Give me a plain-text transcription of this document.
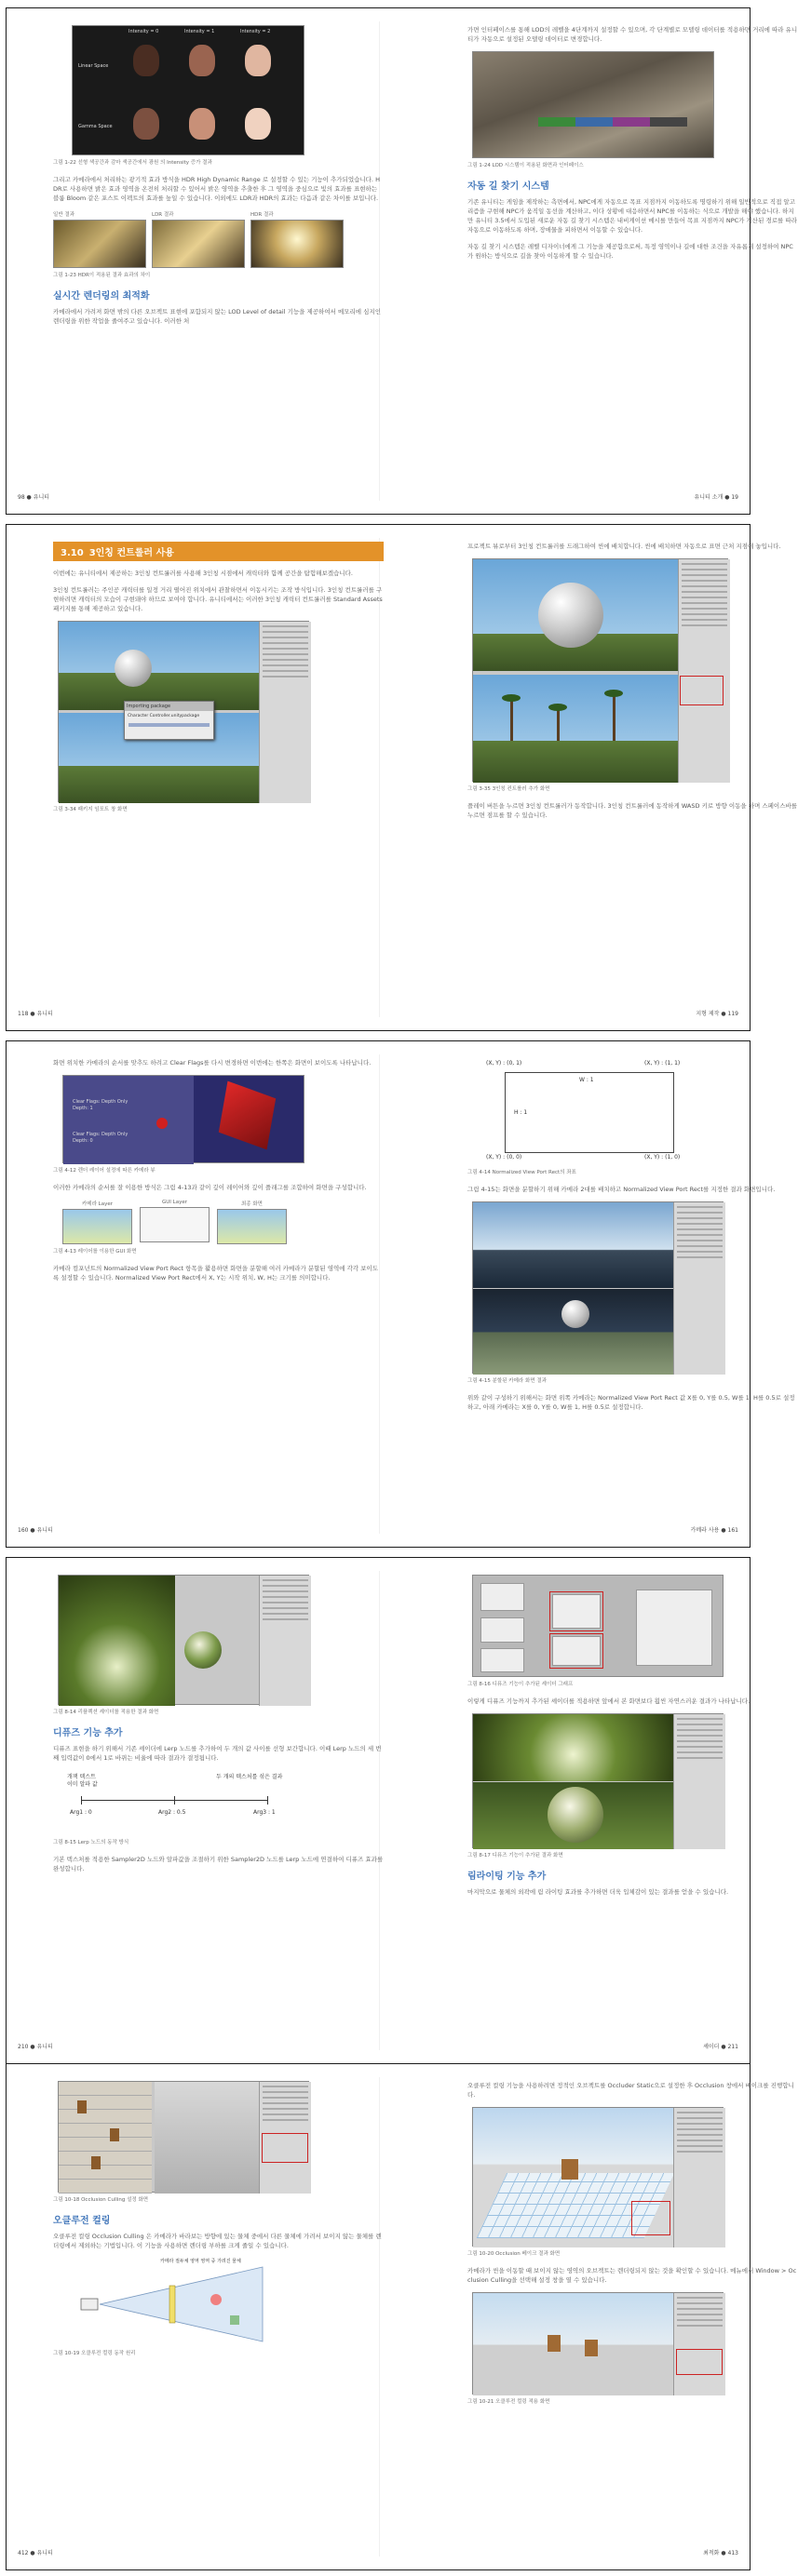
Intensity = 0	Intensity = 1	Intensity = 2
Linear Space
Gamma Space
그림 1-22 선형 색공간과 감마 색공간에서 광원 의 Intensity 증가 결과

그리고 카메라에서 처리하는 광기적 효과 방식을 HDR High Dynamic Range 로 설정할 수 있는 기능이 추가되었습니다. HDR로 사용하면 밝은 효과 영역을 온전히 처리할 수 있어서 밝은 영역을 추출한 후 그 영역을 중심으로 빛의 효과를 표현하는 블룸 Bloom 같은 포스트 이펙트의 효과를 높일 수 있습니다. 이외에도 LDR과 HDR의 효과는 다음과 같은 차이를 보입니다.

일반 결과	LDR 결과	HDR 결과
그림 1-23 HDR이 적용된 결과 효과의 차이
실시간 렌더링의 최적화

카메라에서 가려져 화면 밖의 다른 오브젝트 표현에 포함되지 않는 LOD Level of detail 기능을 제공하여서 메모리에 심지인 렌더링을 위한 작업을 줄여주고 있습니다. 이러한 처

98 ● 유니티

가면 인터페이스를 통해 LOD의 레벨을 4단계까지 설정할 수 있으며, 각 단계별로 모델링 데이터를 적용하면 거리에 따라 유니티가 자동으로 설정된 오델링 데이터로 변경합니다.

그림 1-24 LOD 시스템이 적용된 화면과 인터페이스
자동 길 찾기 시스템

기존 유니티는 게임을 제작하는 측면에서, NPC에게 자동으로 목표 지점까지 이동하도록 명령하기 위해 일반적으로 직접 알고리즘을 구현해 NPC가 움직일 동선을 계산하고, 이다 상황에 대응하면서 NPC를 이동하는 식으로 개발을 해야 했습니다. 하지만 유니티 3.5에서 도입된 새로운 자동 길 찾기 시스템은 내비게이션 메시를 만들어 목표 지점까지 NPC가 계산된 경로를 따라 자동으로 이동하도록 하며, 장애물을 피하면서 이동할 수 있습니다.

자동 길 찾기 시스템은 레벨 디자이너에게 그 기능을 제공함으로써, 특정 영역이나 길에 대한 조건을 자유롭게 설정하여 NPC가 원하는 방식으로 길을 찾아 이동하게 할 수 있습니다.

유니티 소개 ● 19
3.10 3인칭 컨트롤러 사용

이번에는 유니티에서 제공하는 3인칭 컨트롤러를 사용해 3인칭 시점에서 캐릭터와 함께 공간을 탐험해보겠습니다.

3인칭 컨트롤러는 주인공 캐릭터를 일정 거리 떨어진 위치에서 관찰하면서 이동시키는 조작 방식입니다. 3인칭 컨트롤러를 구현하려면 캐릭터의 모습이 구현돼야 하므로 보여야 합니다. 유니티에서는 이러한 3인칭 캐릭터 컨트롤러를 Standard Assets 패키지를 통해 제공하고 있습니다.

Importing package
Character Controller.unitypackage
그림 3-34 패키지 임포트 창 화면
118 ● 유니티

프로젝트 뷰로부터 3인칭 컨트롤러를 드래그하여 씬에 배치합니다. 씬에 배치하면 자동으로 표면 근처 지점에 놓입니다.

그림 3-35 3인칭 컨트롤러 추가 화면

플레이 버튼을 누르면 3인칭 컨트롤러가 동작합니다. 3인칭 컨트롤러에 동작하게 WASD 키로 방향 이동을 하며 스페이스바를 누르면 점프를 할 수 있습니다.

지형 제작 ● 119

화면 위치한 카메라의 순서를 맞추도 하려고 Clear Flags를 다시 변경하면 이번에는 한쪽은 화면이 보이도록 나타납니다.

Clear Flags: Depth Only
Depth: 1
Clear Flags: Depth Only
Depth: 0
그림 4-12 렌더 레이어 설정에 따른 카메라 뷰

이러한 카메라의 순서를 잘 이용한 방식은 그림 4-13과 같이 깊이 레이어와 깊이 플래그를 조합하여 화면을 구성합니다.

카메라 Layer	GUI Layer	최종 화면
그림 4-13 레이어를 이용한 GUI 화면

카메라 컴포넌트의 Normalized View Port Rect 항목을 활용하면 화면을 분할해 여러 카메라가 분할된 영역에 각각 보이도록 설정할 수 있습니다. Normalized View Port Rect에서 X, Y는 시작 위치, W, H는 크기를 의미합니다.

160 ● 유니티
(X, Y) : (0, 1)	(X, Y) : (1, 1)
W : 1
H : 1
(X, Y) : (0, 0)	(X, Y) : (1, 0)
그림 4-14 Normalized View Port Rect의 좌표

그림 4-15는 화면을 분할하기 위해 카메라 2대를 배치하고 Normalized View Port Rect를 지정한 결과 화면입니다.

그림 4-15 분할된 카메라 화면 결과

위와 같이 구성하기 위해서는 화면 위쪽 카메라는 Normalized View Port Rect 값 X를 0, Y를 0.5, W를 1, H를 0.5로 설정하고, 아래 카메라는 X를 0, Y를 0, W를 1, H를 0.5로 설정합니다.

카메라 사용 ● 161
그림 8-14 리플렉션 셰이더를 적용한 결과 화면
디퓨즈 기능 추가

디퓨즈 표현을 하기 위해서 기존 셰이더에 Lerp 노드를 추가하여 두 개의 값 사이를 선형 보간합니다. 이때 Lerp 노드의 세 번째 입력값이 0에서 1로 바뀌는 비율에 따라 결과가 결정됩니다.

개잭 텍스트
이미 알파 값
두 개의 텍스처를 섞은 결과
Arg1 : 0	Arg2 : 0.5	Arg3 : 1
그림 8-15 Lerp 노드의 동작 방식

기본 텍스처를 적용한 Sampler2D 노드와 알파값을 조절하기 위한 Sampler2D 노드를 Lerp 노드에 연결하여 디퓨즈 효과를 완성합니다.

210 ● 유니티
그림 8-16 디퓨즈 기능이 추가된 셰이더 그래프

이렇게 디퓨즈 기능까지 추가된 셰이더를 적용하면 앞에서 본 화면보다 훨씬 자연스러운 결과가 나타납니다.

그림 8-17 디퓨즈 기능이 추가된 결과 화면
림라이팅 기능 추가

마지막으로 물체의 외곽에 림 라이팅 효과를 추가하면 더욱 입체감이 있는 결과를 얻을 수 있습니다.

셰이더 ● 211
그림 10-18 Occlusion Culling 설정 화면
오클루전 컬링

오클루전 컬링 Occlusion Culling 은 카메라가 바라보는 방향에 있는 물체 중에서 다른 물체에 가려서 보이지 않는 물체를 렌더링에서 제외하는 기법입니다. 이 기능을 사용하면 렌더링 부하를 크게 줄일 수 있습니다.

카메라 절두체 영역 영역 중 가려진 물체
그림 10-19 오클루전 컬링 동작 원리
412 ● 유니티

오클루전 컬링 기능을 사용하려면 정적인 오브젝트를 Occluder Static으로 설정한 후 Occlusion 창에서 베이크를 진행합니다.

그림 10-20 Occlusion 베이크 결과 화면

카메라가 씬을 이동할 때 보이지 않는 영역의 오브젝트는 렌더링되지 않는 것을 확인할 수 있습니다. 메뉴에서 Window > Occlusion Culling을 선택해 설정 창을 열 수 있습니다.

그림 10-21 오클루전 컬링 적용 화면
최적화 ● 413
